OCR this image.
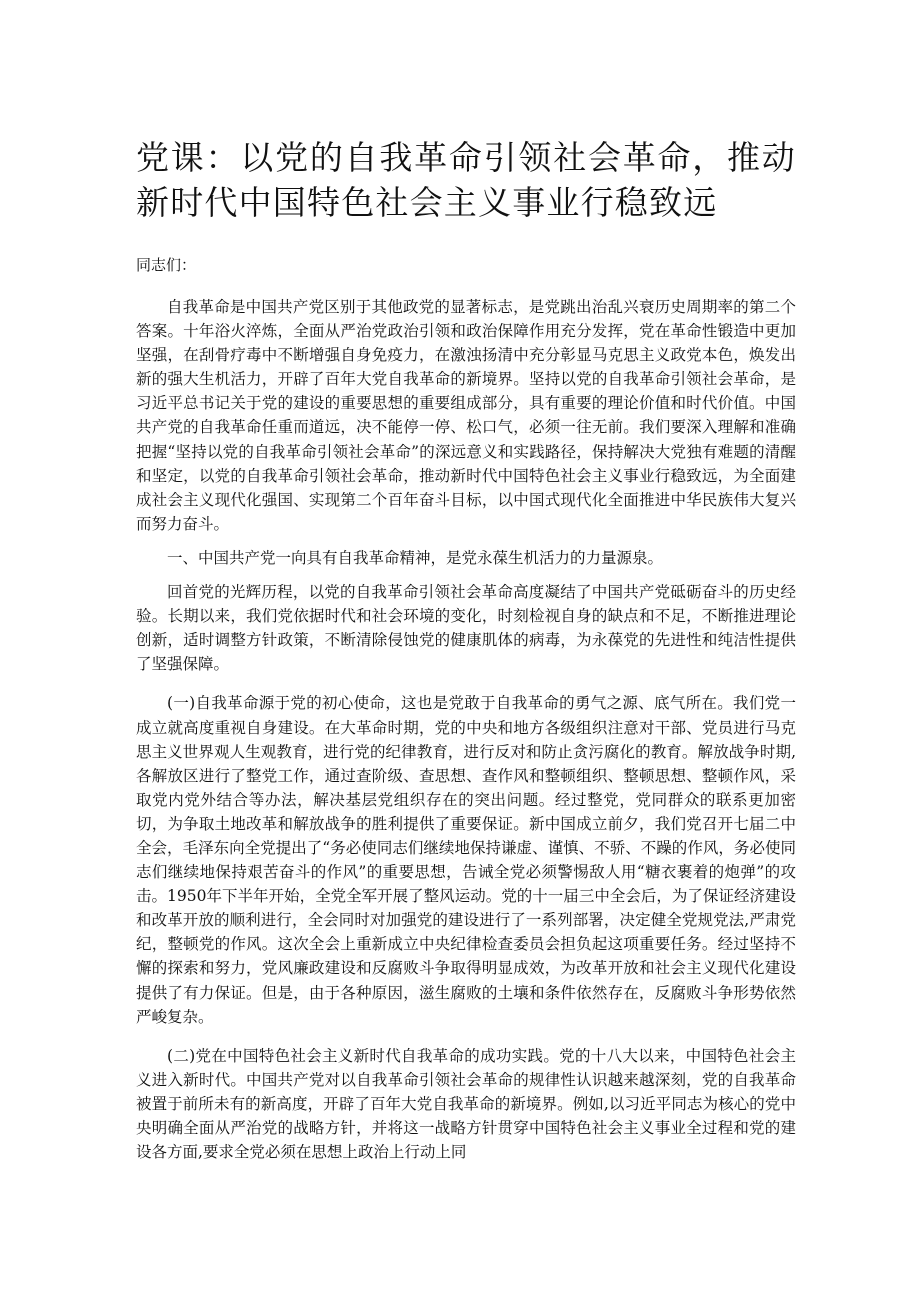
党课：以党的自我革命引领社会革命，推动新时代中国特色社会主义事业行稳致远

同志们：

自我革命是中国共产党区别于其他政党的显著标志，是党跳出治乱兴衰历史周期率的第二个答案。十年浴火淬炼，全面从严治党政治引领和政治保障作用充分发挥，党在革命性锻造中更加坚强，在刮骨疗毒中不断增强自身免疫力，在激浊扬清中充分彰显马克思主义政党本色，焕发出新的强大生机活力，开辟了百年大党自我革命的新境界。坚持以党的自我革命引领社会革命，是习近平总书记关于党的建设的重要思想的重要组成部分，具有重要的理论价值和时代价值。中国共产党的自我革命任重而道远，决不能停一停、松口气，必须一往无前。我们要深入理解和准确把握“坚持以党的自我革命引领社会革命”的深远意义和实践路径，保持解决大党独有难题的清醒和坚定，以党的自我革命引领社会革命，推动新时代中国特色社会主义事业行稳致远，为全面建成社会主义现代化强国、实现第二个百年奋斗目标，以中国式现代化全面推进中华民族伟大复兴而努力奋斗。

一、中国共产党一向具有自我革命精神，是党永葆生机活力的力量源泉。

回首党的光辉历程，以党的自我革命引领社会革命高度凝结了中国共产党砥砺奋斗的历史经验。长期以来，我们党依据时代和社会环境的变化，时刻检视自身的缺点和不足，不断推进理论创新，适时调整方针政策，不断清除侵蚀党的健康肌体的病毒，为永葆党的先进性和纯洁性提供了坚强保障。

(一)自我革命源于党的初心使命，这也是党敢于自我革命的勇气之源、底气所在。我们党一成立就高度重视自身建设。在大革命时期，党的中央和地方各级组织注意对干部、党员进行马克思主义世界观人生观教育，进行党的纪律教育，进行反对和防止贪污腐化的教育。解放战争时期,各解放区进行了整党工作，通过查阶级、查思想、查作风和整顿组织、整顿思想、整顿作风，采取党内党外结合等办法，解决基层党组织存在的突出问题。经过整党，党同群众的联系更加密切，为争取土地改革和解放战争的胜利提供了重要保证。新中国成立前夕，我们党召开七届二中全会，毛泽东向全党提出了“务必使同志们继续地保持谦虚、谨慎、不骄、不躁的作风，务必使同志们继续地保持艰苦奋斗的作风”的重要思想，告诫全党必须警惕敌人用“糖衣裹着的炮弹”的攻击。1950年下半年开始，全党全军开展了整风运动。党的十一届三中全会后，为了保证经济建设和改革开放的顺利进行，全会同时对加强党的建设进行了一系列部署，决定健全党规党法,严肃党纪，整顿党的作风。这次全会上重新成立中央纪律检查委员会担负起这项重要任务。经过坚持不懈的探索和努力，党风廉政建设和反腐败斗争取得明显成效，为改革开放和社会主义现代化建设提供了有力保证。但是，由于各种原因，滋生腐败的土壤和条件依然存在，反腐败斗争形势依然严峻复杂。

(二)党在中国特色社会主义新时代自我革命的成功实践。党的十八大以来，中国特色社会主义进入新时代。中国共产党对以自我革命引领社会革命的规律性认识越来越深刻，党的自我革命被置于前所未有的新高度，开辟了百年大党自我革命的新境界。例如,以习近平同志为核心的党中央明确全面从严治党的战略方针，并将这一战略方针贯穿中国特色社会主义事业全过程和党的建设各方面,要求全党必须在思想上政治上行动上同
